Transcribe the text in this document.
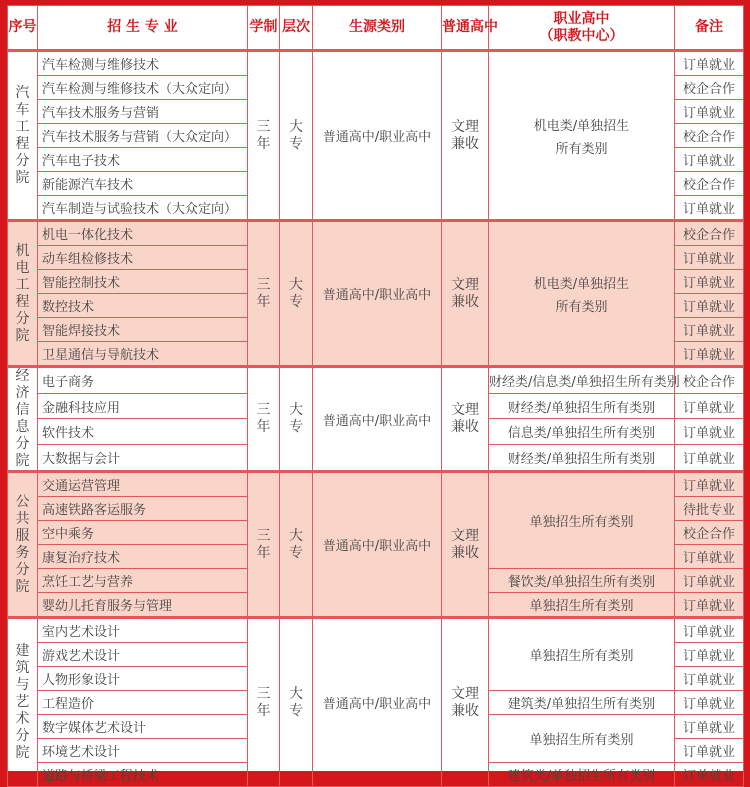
序号	招 生 专 业	学制	层次	生源类别	普通高中	职业高中
（职教中心）	备注

汽车工程分院	汽车检测与维修技术	三年	大专	普通高中/职业高中	文理兼收	机电类/单独招生
所有类别	订单就业
	汽车检测与维修技术（大众定向）						校企合作
	汽车技术服务与营销						订单就业
	汽车技术服务与营销（大众定向）						校企合作
	汽车电子技术						订单就业
	新能源汽车技术						校企合作
	汽车制造与试验技术（大众定向）						订单就业

机电工程分院	机电一体化技术	三年	大专	普通高中/职业高中	文理兼收	机电类/单独招生
所有类别	校企合作
	动车组检修技术						订单就业
	智能控制技术						订单就业
	数控技术						订单就业
	智能焊接技术						订单就业
	卫星通信与导航技术						订单就业

经济信息分院	电子商务	三年	大专	普通高中/职业高中	文理兼收	财经类/信息类/单独招生所有类别	校企合作
	金融科技应用					财经类/单独招生所有类别	订单就业
	软件技术					信息类/单独招生所有类别	订单就业
	大数据与会计					财经类/单独招生所有类别	订单就业

公共服务分院	交通运营管理	三年	大专	普通高中/职业高中	文理兼收	单独招生所有类别	订单就业
	高速铁路客运服务						待批专业
	空中乘务						校企合作
	康复治疗技术						订单就业
	烹饪工艺与营养					餐饮类/单独招生所有类别	订单就业
	婴幼儿托育服务与管理					单独招生所有类别	订单就业

建筑与艺术分院	室内艺术设计	三年	大专	普通高中/职业高中	文理兼收	单独招生所有类别	订单就业
	游戏艺术设计						订单就业
	人物形象设计						订单就业
	工程造价					建筑类/单独招生所有类别	订单就业
	数字媒体艺术设计					单独招生所有类别	订单就业
	环境艺术设计						订单就业
	道路与桥梁工程技术					建筑类/单独招生所有类别	订单就业
